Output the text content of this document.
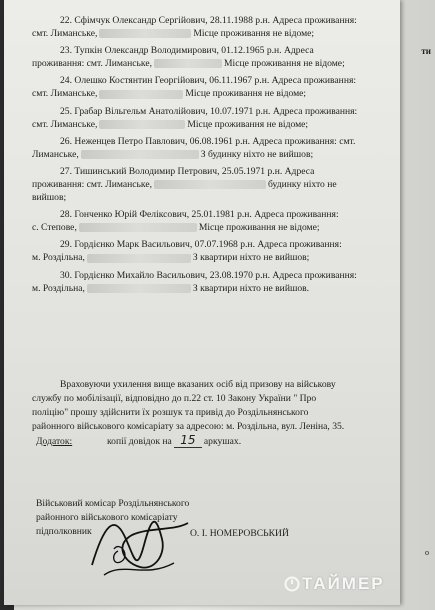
ти
о
22. Сфімчук Олександр Сергійович, 28.11.1988 р.н. Адреса проживання:
смт. Лиманське,	Місце проживання не відоме;
23. Тупкін Олександр Володимирович, 01.12.1965 р.н. Адреса
проживання: смт. Лиманське,	Місце проживання не відоме;
24. Олешко Костянтин Георгійович, 06.11.1967 р.н. Адреса проживання:
смт. Лиманське,	Місце проживання не відоме;
25. Грабар Вільгельм Анатолійович, 10.07.1971 р.н. Адреса проживання:
смт. Лиманське,	Місце проживання не відоме;
26. Неженцев Петро Павлович, 06.08.1961 р.н. Адреса проживання: смт.
Лиманське,	З будинку ніхто не вийшов;
27. Тишинський Володимир Петрович, 25.05.1971 р.н. Адреса
проживання: смт. Лиманське,	будинку ніхто не
вийшов;
28. Гонченко Юрій Феліксович, 25.01.1981 р.н. Адреса проживання:
с. Степове,	Місце проживання не відоме;
29. Гордієнко Марк Васильович, 07.07.1968 р.н. Адреса проживання:
м. Роздільна,	З квартири ніхто не вийшов;
30. Гордієнко Михайло Васильович, 23.08.1970 р.н. Адреса проживання:
м. Роздільна,	З квартири ніхто не вийшов.
Враховуючи ухилення вище вказаних осіб від призову на військову
службу по мобілізації, відповідно до п.22 ст. 10 Закону України " Про
поліцію" прошу здійснити їх розшук та привід до Роздільнянського
районного військового комісаріату за адресою: м. Роздільна, вул. Леніна, 35.
Додаток:	копії довідок на 15 аркушах.
Військовий комісар Роздільнянського
районного військового комісаріату
підполковник	О. І. НОМЕРОВСЬКИЙ
ТАЙМЕР
